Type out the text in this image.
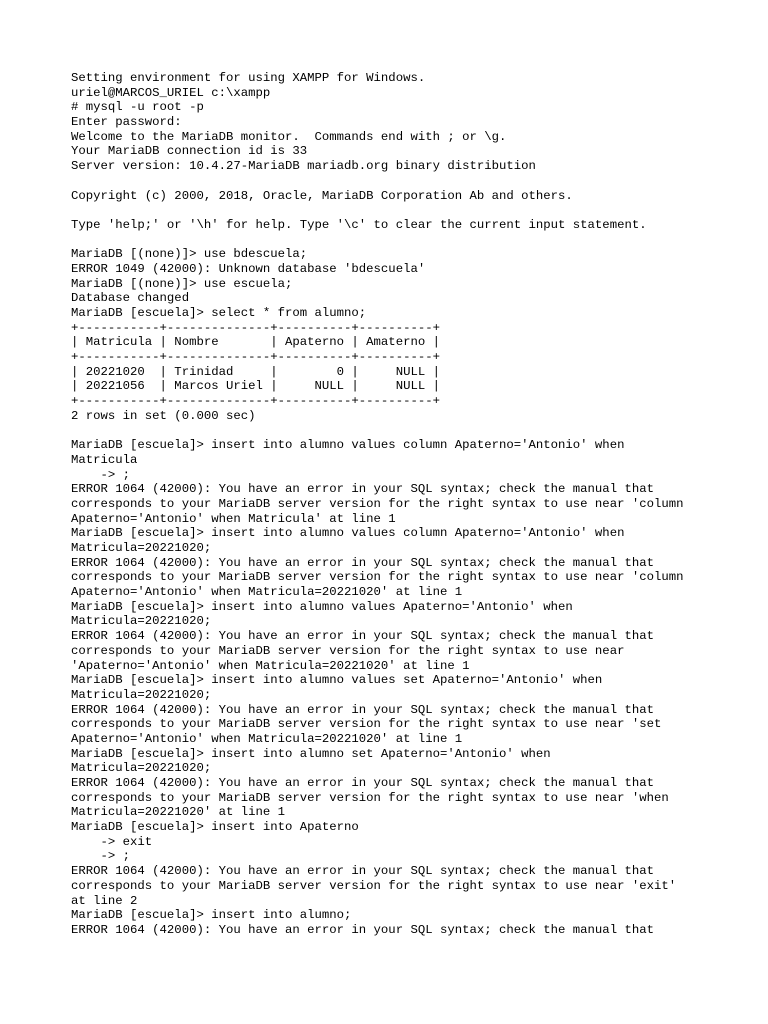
Setting environment for using XAMPP for Windows.
uriel@MARCOS_URIEL c:\xampp
# mysql -u root -p
Enter password:
Welcome to the MariaDB monitor.  Commands end with ; or \g.
Your MariaDB connection id is 33
Server version: 10.4.27-MariaDB mariadb.org binary distribution
Copyright (c) 2000, 2018, Oracle, MariaDB Corporation Ab and others.
Type 'help;' or '\h' for help. Type '\c' to clear the current input statement.
MariaDB [(none)]> use bdescuela;
ERROR 1049 (42000): Unknown database 'bdescuela'
MariaDB [(none)]> use escuela;
Database changed
MariaDB [escuela]> select * from alumno;
+-----------+--------------+----------+----------+
| Matricula | Nombre       | Apaterno | Amaterno |
+-----------+--------------+----------+----------+
| 20221020  | Trinidad     |        0 |     NULL |
| 20221056  | Marcos Uriel |     NULL |     NULL |
+-----------+--------------+----------+----------+
2 rows in set (0.000 sec)
MariaDB [escuela]> insert into alumno values column Apaterno='Antonio' when
Matricula
-> ;
ERROR 1064 (42000): You have an error in your SQL syntax; check the manual that
corresponds to your MariaDB server version for the right syntax to use near 'column
Apaterno='Antonio' when Matricula' at line 1
MariaDB [escuela]> insert into alumno values column Apaterno='Antonio' when
Matricula=20221020;
ERROR 1064 (42000): You have an error in your SQL syntax; check the manual that
corresponds to your MariaDB server version for the right syntax to use near 'column
Apaterno='Antonio' when Matricula=20221020' at line 1
MariaDB [escuela]> insert into alumno values Apaterno='Antonio' when
Matricula=20221020;
ERROR 1064 (42000): You have an error in your SQL syntax; check the manual that
corresponds to your MariaDB server version for the right syntax to use near
'Apaterno='Antonio' when Matricula=20221020' at line 1
MariaDB [escuela]> insert into alumno values set Apaterno='Antonio' when
Matricula=20221020;
ERROR 1064 (42000): You have an error in your SQL syntax; check the manual that
corresponds to your MariaDB server version for the right syntax to use near 'set
Apaterno='Antonio' when Matricula=20221020' at line 1
MariaDB [escuela]> insert into alumno set Apaterno='Antonio' when
Matricula=20221020;
ERROR 1064 (42000): You have an error in your SQL syntax; check the manual that
corresponds to your MariaDB server version for the right syntax to use near 'when
Matricula=20221020' at line 1
MariaDB [escuela]> insert into Apaterno
-> exit
-> ;
ERROR 1064 (42000): You have an error in your SQL syntax; check the manual that
corresponds to your MariaDB server version for the right syntax to use near 'exit'
at line 2
MariaDB [escuela]> insert into alumno;
ERROR 1064 (42000): You have an error in your SQL syntax; check the manual that
